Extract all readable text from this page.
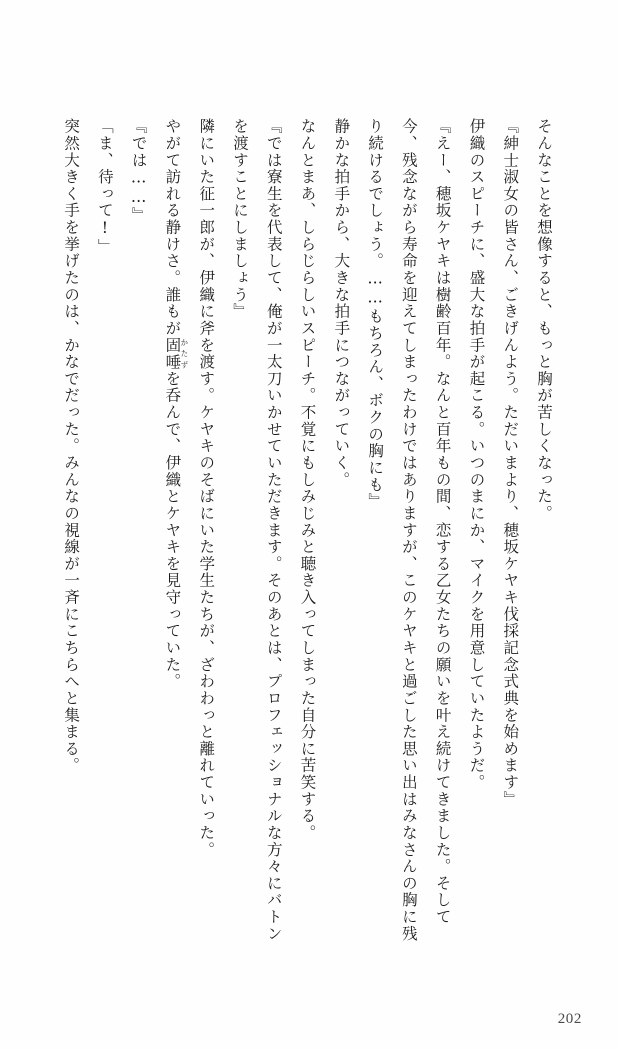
そんなことを想像すると、もっと胸が苦しくなった。

『紳士淑女の皆さん、ごきげんよう。ただいまより、穂坂ケヤキ伐採記念式典を始めます』

伊織のスピーチに、盛大な拍手が起こる。いつのまにか、マイクを用意していたようだ。

『えー、穂坂ケヤキは樹齢百年。なんと百年もの間、恋する乙女たちの願いを叶え続けてきました。そして今、残念ながら寿命を迎えてしまったわけではありますが、このケヤキと過ごした思い出はみなさんの胸に残り続けるでしょう。……もちろん、ボクの胸にも』

静かな拍手から、大きな拍手につながっていく。

なんとまあ、しらじらしいスピーチ。不覚にもしみじみと聴き入ってしまった自分に苦笑する。

『では寮生を代表して、俺が一太刀いかせていただきます。そのあとは、プロフェッショナルな方々にバトンを渡すことにしましょう』

隣にいた征一郎が、伊織に斧を渡す。ケヤキのそばにいた学生たちが、ざわわっと離れていった。

やがて訪れる静けさ。誰もが固唾かたずを呑んで、伊織とケヤキを見守っていた。

『では……』

「ま、待って!」

突然大きく手を挙げたのは、かなでだった。みんなの視線が一斉にこちらへと集まる。

202
